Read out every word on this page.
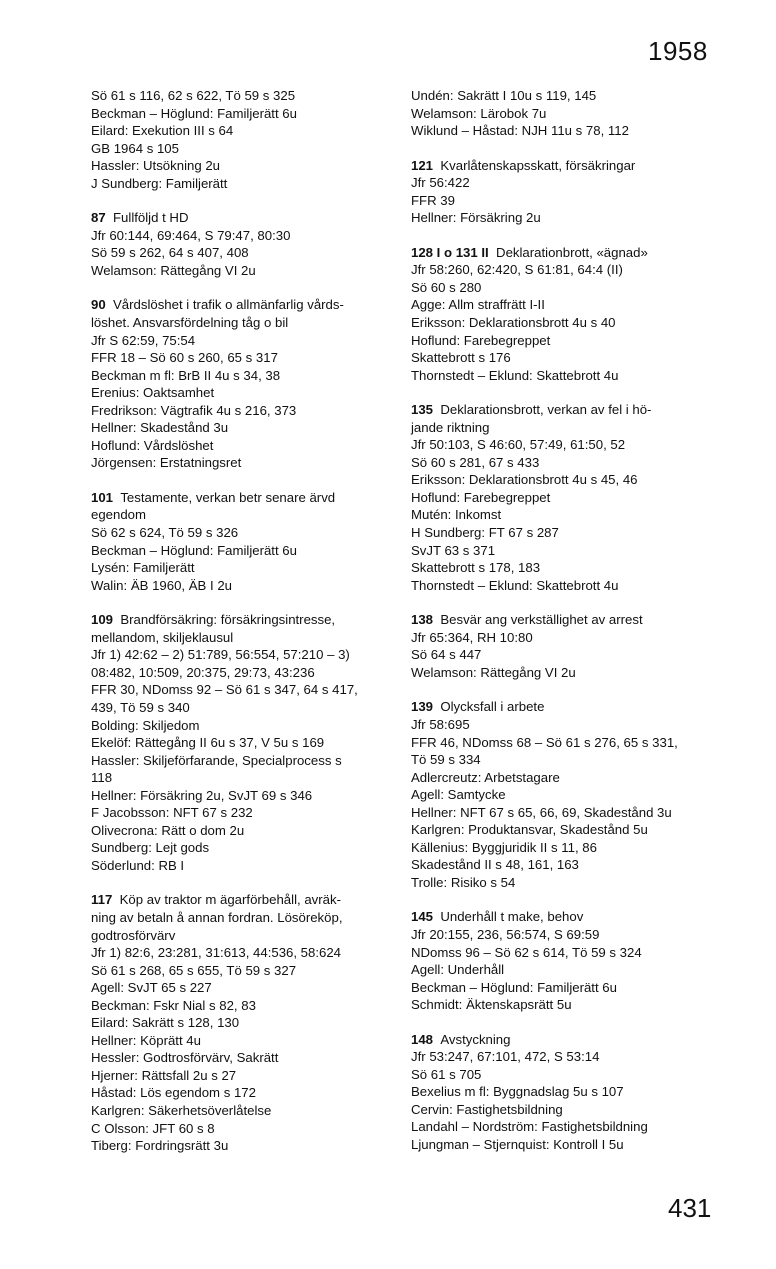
1958
Sö 61 s 116, 62 s 622, Tö 59 s 325
Beckman – Höglund: Familjerätt 6u
Eilard: Exekution III s 64
GB 1964 s 105
Hassler: Utsökning 2u
J Sundberg: Familjerätt
87 Fullföljd t HD
Jfr 60:144, 69:464, S 79:47, 80:30
Sö 59 s 262, 64 s 407, 408
Welamson: Rättegång VI 2u
90 Vårdslöshet i trafik o allmänfarlig vårds-
löshet. Ansvarsfördelning tåg o bil
Jfr S 62:59, 75:54
FFR 18 – Sö 60 s 260, 65 s 317
Beckman m fl: BrB II 4u s 34, 38
Erenius: Oaktsamhet
Fredrikson: Vägtrafik 4u s 216, 373
Hellner: Skadestånd 3u
Hoflund: Vårdslöshet
Jörgensen: Erstatningsret
101 Testamente, verkan betr senare ärvd
egendom
Sö 62 s 624, Tö 59 s 326
Beckman – Höglund: Familjerätt 6u
Lysén: Familjerätt
Walin: ÄB 1960, ÄB I 2u
109 Brandförsäkring: försäkringsintresse,
mellandom, skiljeklausul
Jfr 1) 42:62 – 2) 51:789, 56:554, 57:210 – 3)
08:482, 10:509, 20:375, 29:73, 43:236
FFR 30, NDomss 92 – Sö 61 s 347, 64 s 417,
439, Tö 59 s 340
Bolding: Skiljedom
Ekelöf: Rättegång II 6u s 37, V 5u s 169
Hassler: Skiljeförfarande, Specialprocess s
118
Hellner: Försäkring 2u, SvJT 69 s 346
F Jacobsson: NFT 67 s 232
Olivecrona: Rätt o dom 2u
Sundberg: Lejt gods
Söderlund: RB I
117 Köp av traktor m ägarförbehåll, avräk-
ning av betaln å annan fordran. Lösöreköp,
godtrosförvärv
Jfr 1) 82:6, 23:281, 31:613, 44:536, 58:624
Sö 61 s 268, 65 s 655, Tö 59 s 327
Agell: SvJT 65 s 227
Beckman: Fskr Nial s 82, 83
Eilard: Sakrätt s 128, 130
Hellner: Köprätt 4u
Hessler: Godtrosförvärv, Sakrätt
Hjerner: Rättsfall 2u s 27
Håstad: Lös egendom s 172
Karlgren: Säkerhetsöverlåtelse
C Olsson: JFT 60 s 8
Tiberg: Fordringsrätt 3u
Undén: Sakrätt I 10u s 119, 145
Welamson: Lärobok 7u
Wiklund – Håstad: NJH 11u s 78, 112
121 Kvarlåtenskapsskatt, försäkringar
Jfr 56:422
FFR 39
Hellner: Försäkring 2u
128 I o 131 II Deklarationbrott, «ägnad»
Jfr 58:260, 62:420, S 61:81, 64:4 (II)
Sö 60 s 280
Agge: Allm straffrätt I-II
Eriksson: Deklarationsbrott 4u s 40
Hoflund: Farebegreppet
Skattebrott s 176
Thornstedt – Eklund: Skattebrott 4u
135 Deklarationsbrott, verkan av fel i hö-
jande riktning
Jfr 50:103, S 46:60, 57:49, 61:50, 52
Sö 60 s 281, 67 s 433
Eriksson: Deklarationsbrott 4u s 45, 46
Hoflund: Farebegreppet
Mutén: Inkomst
H Sundberg: FT 67 s 287
SvJT 63 s 371
Skattebrott s 178, 183
Thornstedt – Eklund: Skattebrott 4u
138 Besvär ang verkställighet av arrest
Jfr 65:364, RH 10:80
Sö 64 s 447
Welamson: Rättegång VI 2u
139 Olycksfall i arbete
Jfr 58:695
FFR 46, NDomss 68 – Sö 61 s 276, 65 s 331,
Tö 59 s 334
Adlercreutz: Arbetstagare
Agell: Samtycke
Hellner: NFT 67 s 65, 66, 69, Skadestånd 3u
Karlgren: Produktansvar, Skadestånd 5u
Källenius: Byggjuridik II s 11, 86
Skadestånd II s 48, 161, 163
Trolle: Risiko s 54
145 Underhåll t make, behov
Jfr 20:155, 236, 56:574, S 69:59
NDomss 96 – Sö 62 s 614, Tö 59 s 324
Agell: Underhåll
Beckman – Höglund: Familjerätt 6u
Schmidt: Äktenskapsrätt 5u
148 Avstyckning
Jfr 53:247, 67:101, 472, S 53:14
Sö 61 s 705
Bexelius m fl: Byggnadslag 5u s 107
Cervin: Fastighetsbildning
Landahl – Nordström: Fastighetsbildning
Ljungman – Stjernquist: Kontroll I 5u
431
